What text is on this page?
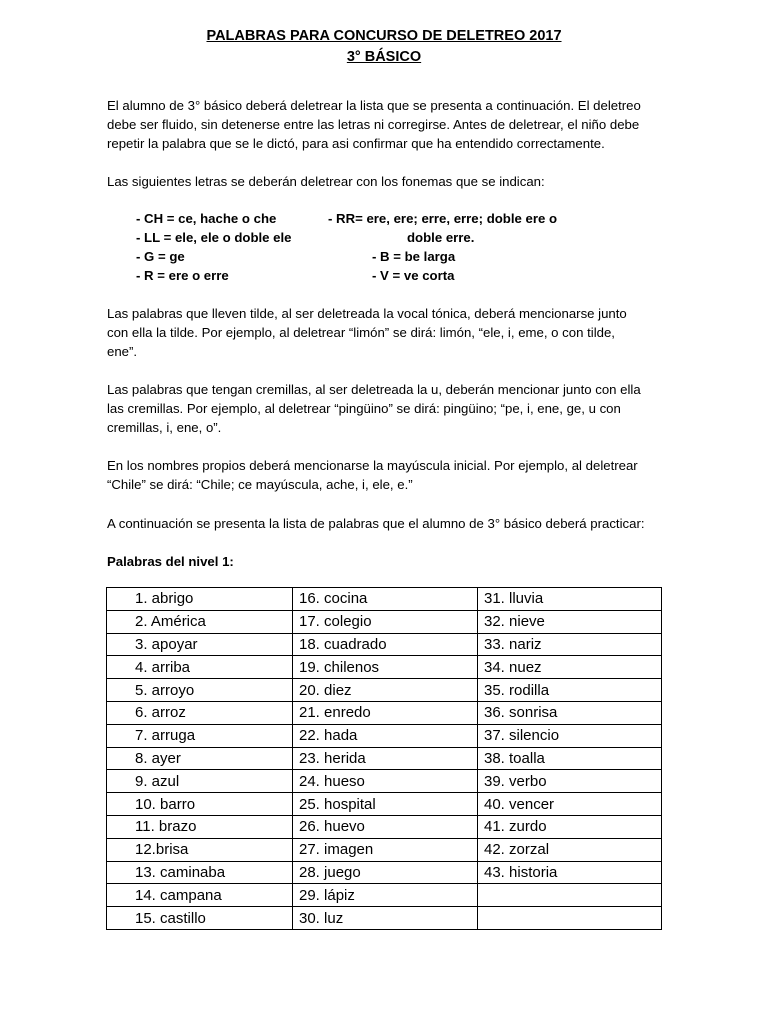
PALABRAS PARA CONCURSO DE DELETREO 2017
3° BÁSICO

El alumno de 3° básico deberá deletrear la lista que se presenta a continuación. El deletreo
debe ser fluido, sin detenerse entre las letras ni corregirse. Antes de deletrear, el niño debe
repetir la palabra que se le dictó, para asi confirmar que ha entendido correctamente.

Las siguientes letras se deberán deletrear con los fonemas que se indican:

- CH = ce, hache o che
- LL = ele, ele o doble ele
- G = ge
- R = ere o erre
- RR= ere, ere; erre, erre; doble ere o
doble erre.
- B = be larga
- V = ve corta

Las palabras que lleven tilde, al ser deletreada la vocal tónica, deberá mencionarse junto
con ella la tilde. Por ejemplo, al deletrear “limón” se dirá: limón, “ele, i, eme, o con tilde,
ene”.

Las palabras que tengan cremillas, al ser deletreada la u, deberán mencionar junto con ella
las cremillas. Por ejemplo, al deletrear “pingüino” se dirá: pingüino; “pe, i, ene, ge, u con
cremillas, i, ene, o”.

En los nombres propios deberá mencionarse la mayúscula inicial. Por ejemplo, al deletrear
“Chile” se dirá: “Chile; ce mayúscula, ache, i, ele, e.”

A continuación se presenta la lista de palabras que el alumno de 3° básico deberá practicar:

Palabras del nivel 1:

1. abrigo	16. cocina	31. lluvia
2. América	17. colegio	32. nieve
3. apoyar	18. cuadrado	33. nariz
4. arriba	19. chilenos	34. nuez
5. arroyo	20. diez	35. rodilla
6. arroz	21. enredo	36. sonrisa
7. arruga	22. hada	37. silencio
8. ayer	23. herida	38. toalla
9. azul	24. hueso	39. verbo
10. barro	25. hospital	40. vencer
11. brazo	26. huevo	41. zurdo
12.brisa	27. imagen	42. zorzal
13. caminaba	28. juego	43. historia
14. campana	29. lápiz	
15. castillo	30. luz	
